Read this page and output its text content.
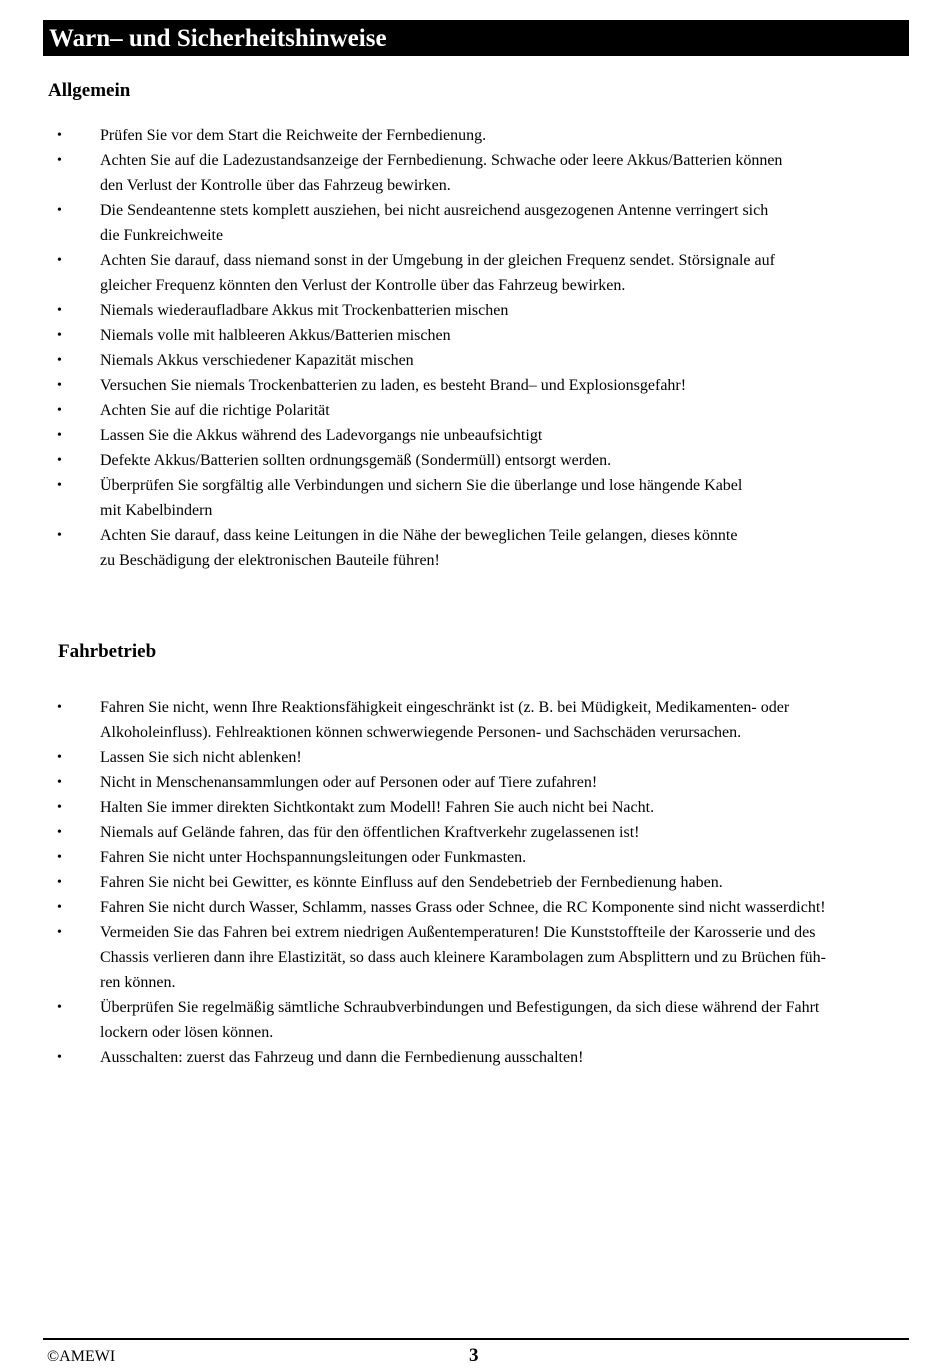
Warn– und Sicherheitshinweise
Allgemein
• Prüfen Sie vor dem Start die Reichweite der Fernbedienung.
• Achten Sie auf die Ladezustandsanzeige der Fernbedienung. Schwache oder leere Akkus/Batterien können
den Verlust der Kontrolle über das Fahrzeug bewirken.
• Die Sendeantenne stets komplett ausziehen, bei nicht ausreichend ausgezogenen Antenne verringert sich
die Funkreichweite
• Achten Sie darauf, dass niemand sonst in der Umgebung in der gleichen Frequenz sendet. Störsignale auf
gleicher Frequenz könnten den Verlust der Kontrolle über das Fahrzeug bewirken.
• Niemals wiederaufladbare Akkus mit Trockenbatterien mischen
• Niemals volle mit halbleeren Akkus/Batterien mischen
• Niemals Akkus verschiedener Kapazität mischen
• Versuchen Sie niemals Trockenbatterien zu laden, es besteht Brand– und Explosionsgefahr!
• Achten Sie auf die richtige Polarität
• Lassen Sie die Akkus während des Ladevorgangs nie unbeaufsichtigt
• Defekte Akkus/Batterien sollten ordnungsgemäß (Sondermüll) entsorgt werden.
• Überprüfen Sie sorgfältig alle Verbindungen und sichern Sie die überlange und lose hängende Kabel
mit Kabelbindern
• Achten Sie darauf, dass keine Leitungen in die Nähe der beweglichen Teile gelangen, dieses könnte
zu Beschädigung der elektronischen Bauteile führen!
Fahrbetrieb
• Fahren Sie nicht, wenn Ihre Reaktionsfähigkeit eingeschränkt ist (z. B. bei Müdigkeit, Medikamenten- oder
Alkoholeinfluss). Fehlreaktionen können schwerwiegende Personen- und Sachschäden verursachen.
• Lassen Sie sich nicht ablenken!
• Nicht in Menschenansammlungen oder auf Personen oder auf Tiere zufahren!
• Halten Sie immer direkten Sichtkontakt zum Modell! Fahren Sie auch nicht bei Nacht.
• Niemals auf Gelände fahren, das für den öffentlichen Kraftverkehr zugelassenen ist!
• Fahren Sie nicht unter Hochspannungsleitungen oder Funkmasten.
• Fahren Sie nicht bei Gewitter, es könnte Einfluss auf den Sendebetrieb der Fernbedienung haben.
• Fahren Sie nicht durch Wasser, Schlamm, nasses Grass oder Schnee, die RC Komponente sind nicht wasserdicht!
• Vermeiden Sie das Fahren bei extrem niedrigen Außentemperaturen! Die Kunststoffteile der Karosserie und des
Chassis verlieren dann ihre Elastizität, so dass auch kleinere Karambolagen zum Absplittern und zu Brüchen füh-
ren können.
• Überprüfen Sie regelmäßig sämtliche Schraubverbindungen und Befestigungen, da sich diese während der Fahrt
lockern oder lösen können.
• Ausschalten: zuerst das Fahrzeug und dann die Fernbedienung ausschalten!
©AMEWI	3
